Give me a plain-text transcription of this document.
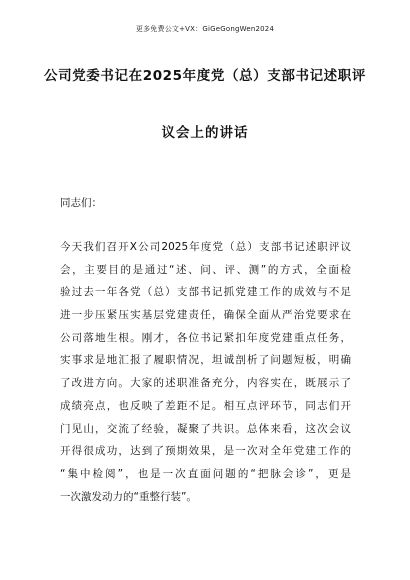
更多免费公文+VX：GiGeGongWen2024
公司党委书记在2025年度党（总）支部书记述职评
议会上的讲话
同志们：
今天我们召开X公司2025年度党（总）支部书记述职评议
会，主要目的是通过“述、问、评、测”的方式，全面检
验过去一年各党（总）支部书记抓党建工作的成效与不足
进一步压紧压实基层党建责任，确保全面从严治党要求在
公司落地生根。刚才，各位书记紧扣年度党建重点任务，
实事求是地汇报了履职情况，坦诚剖析了问题短板，明确
了改进方向。大家的述职准备充分，内容实在，既展示了
成绩亮点，也反映了差距不足。相互点评环节，同志们开
门见山，交流了经验，凝聚了共识。总体来看，这次会议
开得很成功，达到了预期效果，是一次对全年党建工作的
“集中检阅”，也是一次直面问题的“把脉会诊”，更是
一次激发动力的“重整行装”。
